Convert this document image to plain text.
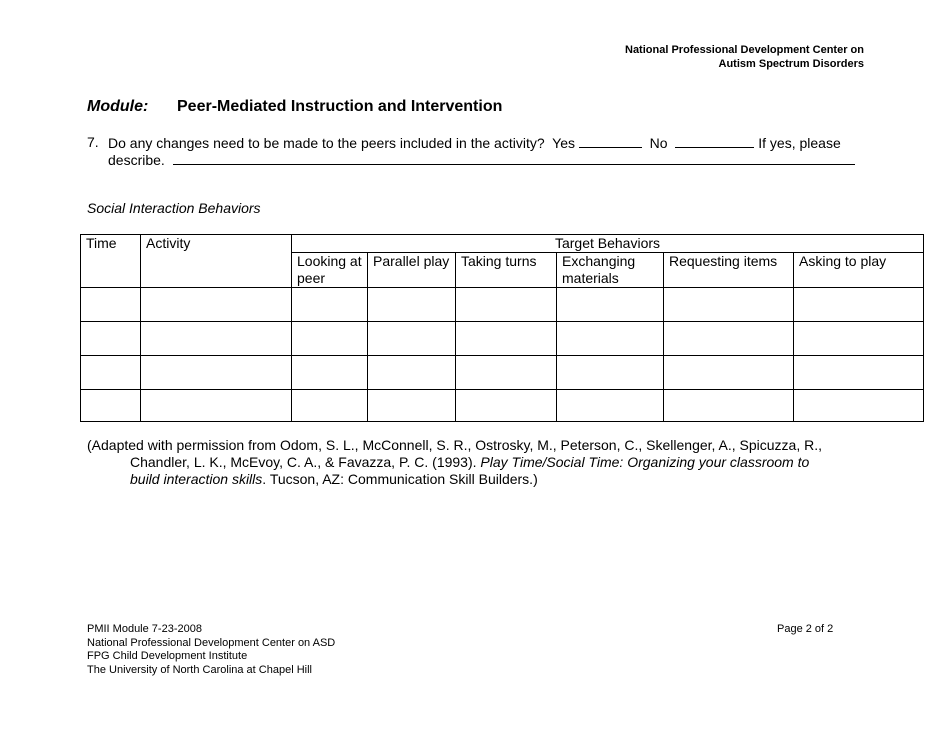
National Professional Development Center on
Autism Spectrum Disorders
Module: Peer-Mediated Instruction and Intervention
7. Do any changes need to be made to the peers included in the activity? Yes	No	If yes, please
describe.
Social Interaction Behaviors
Time	Activity	Target Behaviors					
		Looking at peer	Parallel play	Taking turns	Exchanging materials	Requesting items	Asking to play

(Adapted with permission from Odom, S. L., McConnell, S. R., Ostrosky, M., Peterson, C., Skellenger, A., Spicuzza, R.,
Chandler, L. K., McEvoy, C. A., & Favazza, P. C. (1993). Play Time/Social Time: Organizing your classroom to
build interaction skills. Tucson, AZ: Communication Skill Builders.)
PMII Module 7-23-2008
National Professional Development Center on ASD
FPG Child Development Institute
The University of North Carolina at Chapel Hill
Page 2 of 2
